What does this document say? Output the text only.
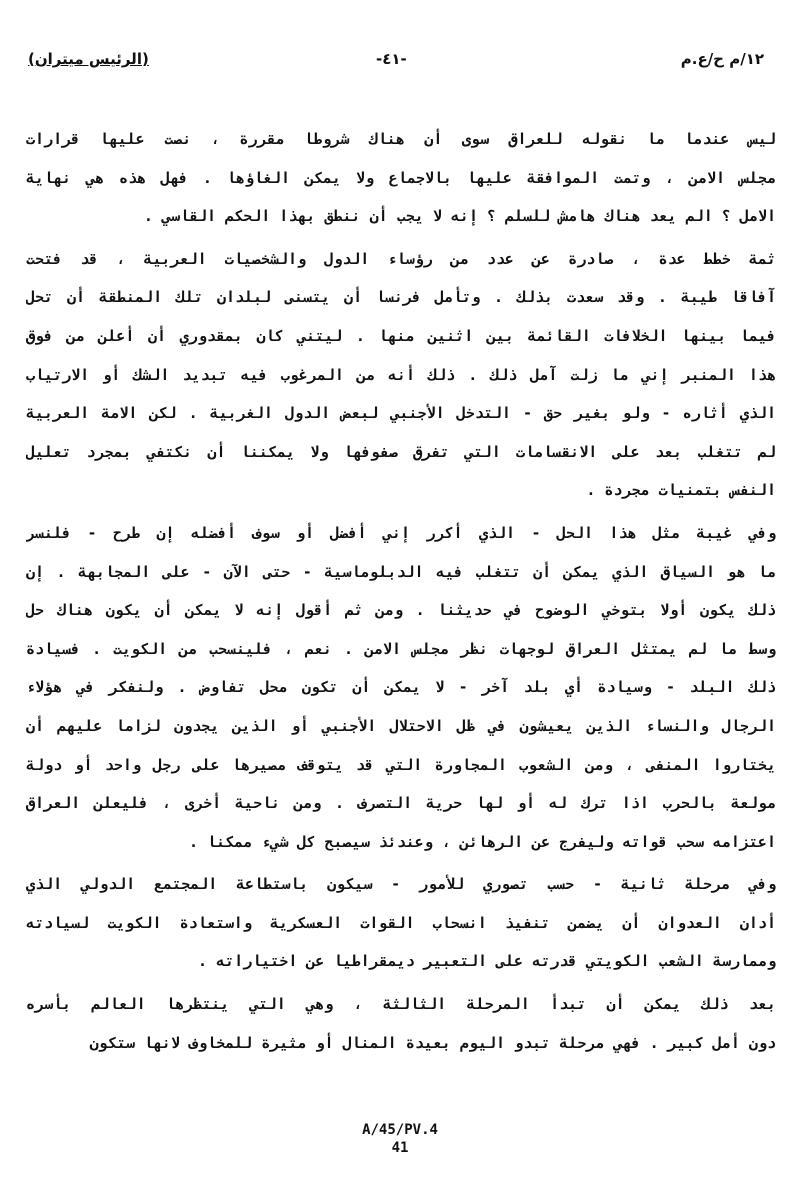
(الرئيس ميتران)	-٤١-	١٢/م ح/ع.م

ليس عندما ما نقوله للعراق سوى أن هناك شروطا مقررة ، نصت عليها قرارات
مجلس الامن ، وتمت الموافقة عليها بالاجماع ولا يمكن الغاؤها . فهل هذه هي نهاية
الامل ؟ الم يعد هناك هامش للسلم ؟ إنه لا يجب أن ننطق بهذا الحكم القاسي .

ثمة خطط عدة ، صادرة عن عدد من رؤساء الدول والشخصيات العربية ، قد فتحت
آفاقا طيبة . وقد سعدت بذلك . وتأمل فرنسا أن يتسنى لبلدان تلك المنطقة أن تحل
فيما بينها الخلافات القائمة بين اثنين منها . ليتني كان بمقدوري أن أعلن من فوق
هذا المنبر إني ما زلت آمل ذلك . ذلك أنه من المرغوب فيه تبديد الشك أو الارتياب
الذي أثاره - ولو بغير حق - التدخل الأجنبي لبعض الدول الغربية . لكن الامة العربية
لم تتغلب بعد على الانقسامات التي تفرق صفوفها ولا يمكننا أن نكتفي بمجرد تعليل
النفس بتمنيات مجردة .

وفي غيبة مثل هذا الحل - الذي أكرر إني أفضل أو سوف أفضله إن طرح - فلنسر
ما هو السياق الذي يمكن أن تتغلب فيه الدبلوماسية - حتى الآن - على المجابهة . إن
ذلك يكون أولا بتوخي الوضوح في حديثنا . ومن ثم أقول إنه لا يمكن أن يكون هناك حل
وسط ما لم يمتثل العراق لوجهات نظر مجلس الامن . نعم ، فلينسحب من الكويت . فسيادة
ذلك البلد - وسيادة أي بلد آخر - لا يمكن أن تكون محل تفاوض . ولنفكر في هؤلاء
الرجال والنساء الذين يعيشون في ظل الاحتلال الأجنبي أو الذين يجدون لزاما عليهم أن
يختاروا المنفى ، ومن الشعوب المجاورة التي قد يتوقف مصيرها على رجل واحد أو دولة
مولعة بالحرب اذا ترك له أو لها حرية التصرف . ومن ناحية أخرى ، فليعلن العراق
اعتزامه سحب قواته وليفرج عن الرهائن ، وعندئذ سيصبح كل شيء ممكنا .

وفي مرحلة ثانية - حسب تصوري للأمور - سيكون باستطاعة المجتمع الدولي الذي
أدان العدوان أن يضمن تنفيذ انسحاب القوات العسكرية واستعادة الكويت لسيادته
وممارسة الشعب الكويتي قدرته على التعبير ديمقراطيا عن اختياراته .

بعد ذلك يمكن أن تبدأ المرحلة الثالثة ، وهي التي ينتظرها العالم بأسره
دون أمل كبير . فهي مرحلة تبدو اليوم بعيدة المنال أو مثيرة للمخاوف لانها ستكون

A/45/PV.4
41
